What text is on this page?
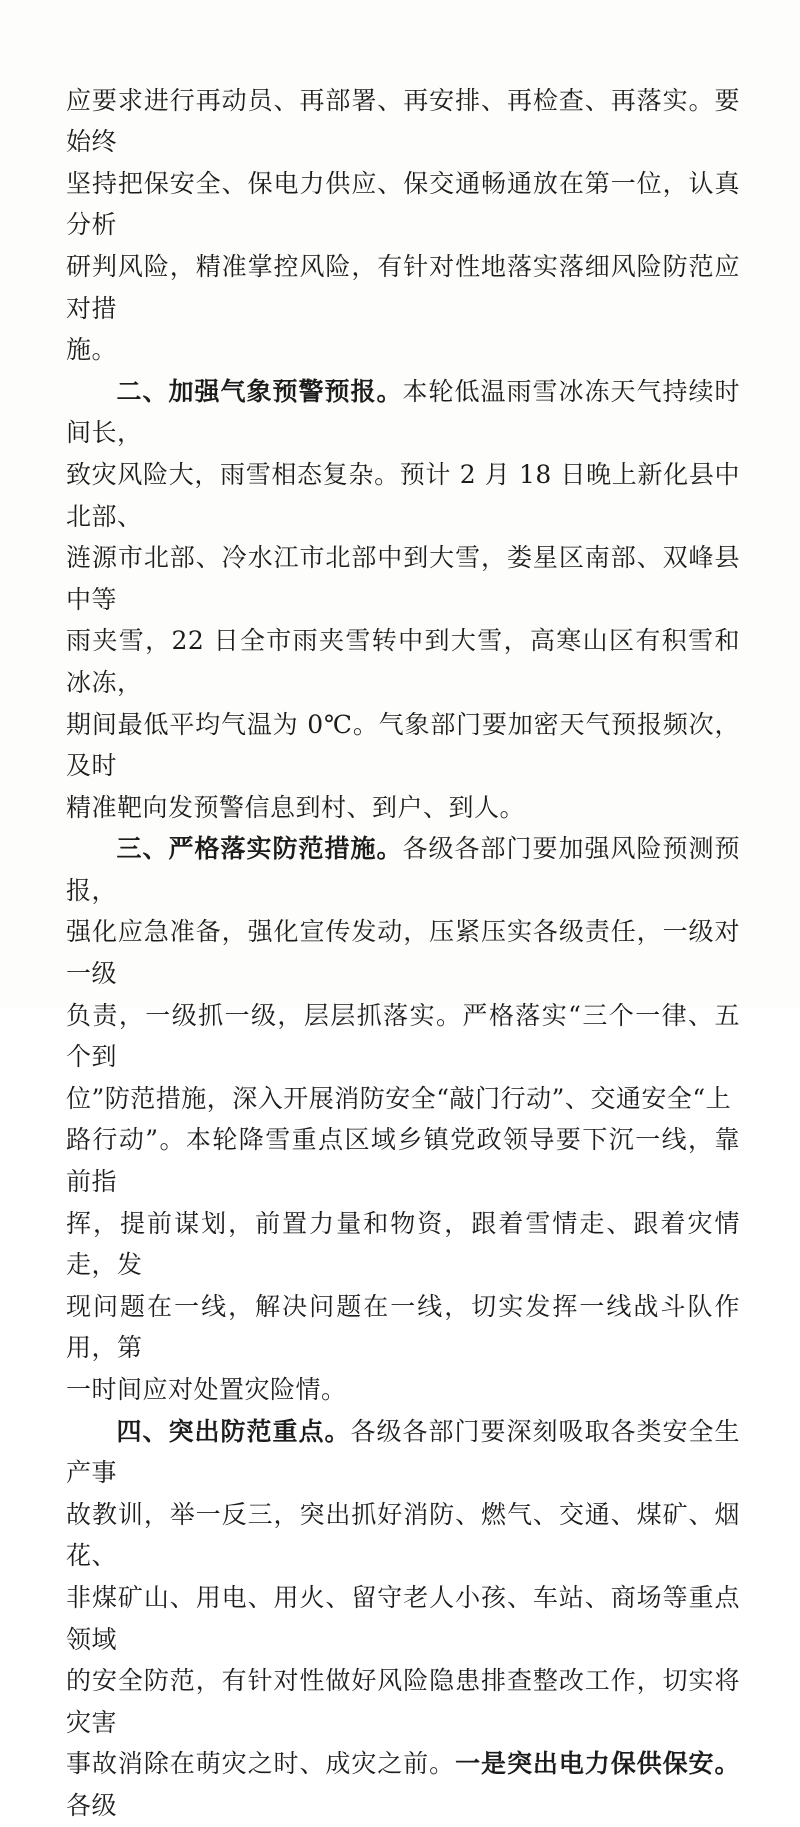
应要求进行再动员、再部署、再安排、再检查、再落实。要始终
坚持把保安全、保电力供应、保交通畅通放在第一位，认真分析
研判风险，精准掌控风险，有针对性地落实落细风险防范应对措
施。

二、加强气象预警预报。本轮低温雨雪冰冻天气持续时间长，
致灾风险大，雨雪相态复杂。预计 2 月 18 日晚上新化县中北部、
涟源市北部、冷水江市北部中到大雪，娄星区南部、双峰县中等
雨夹雪，22 日全市雨夹雪转中到大雪，高寒山区有积雪和冰冻，
期间最低平均气温为 0℃。气象部门要加密天气预报频次，及时
精准靶向发预警信息到村、到户、到人。

三、严格落实防范措施。各级各部门要加强风险预测预报，
强化应急准备，强化宣传发动，压紧压实各级责任，一级对一级
负责，一级抓一级，层层抓落实。严格落实“三个一律、五个到
位”防范措施，深入开展消防安全“敲门行动”、交通安全“上
路行动”。本轮降雪重点区域乡镇党政领导要下沉一线，靠前指
挥，提前谋划，前置力量和物资，跟着雪情走、跟着灾情走，发
现问题在一线，解决问题在一线，切实发挥一线战斗队作用，第
一时间应对处置灾险情。

四、突出防范重点。各级各部门要深刻吸取各类安全生产事
故教训，举一反三，突出抓好消防、燃气、交通、煤矿、烟花、
非煤矿山、用电、用火、留守老人小孩、车站、商场等重点领域
的安全防范，有针对性做好风险隐患排查整改工作，切实将灾害
事故消除在萌灾之时、成灾之前。一是突出电力保供保安。各级
